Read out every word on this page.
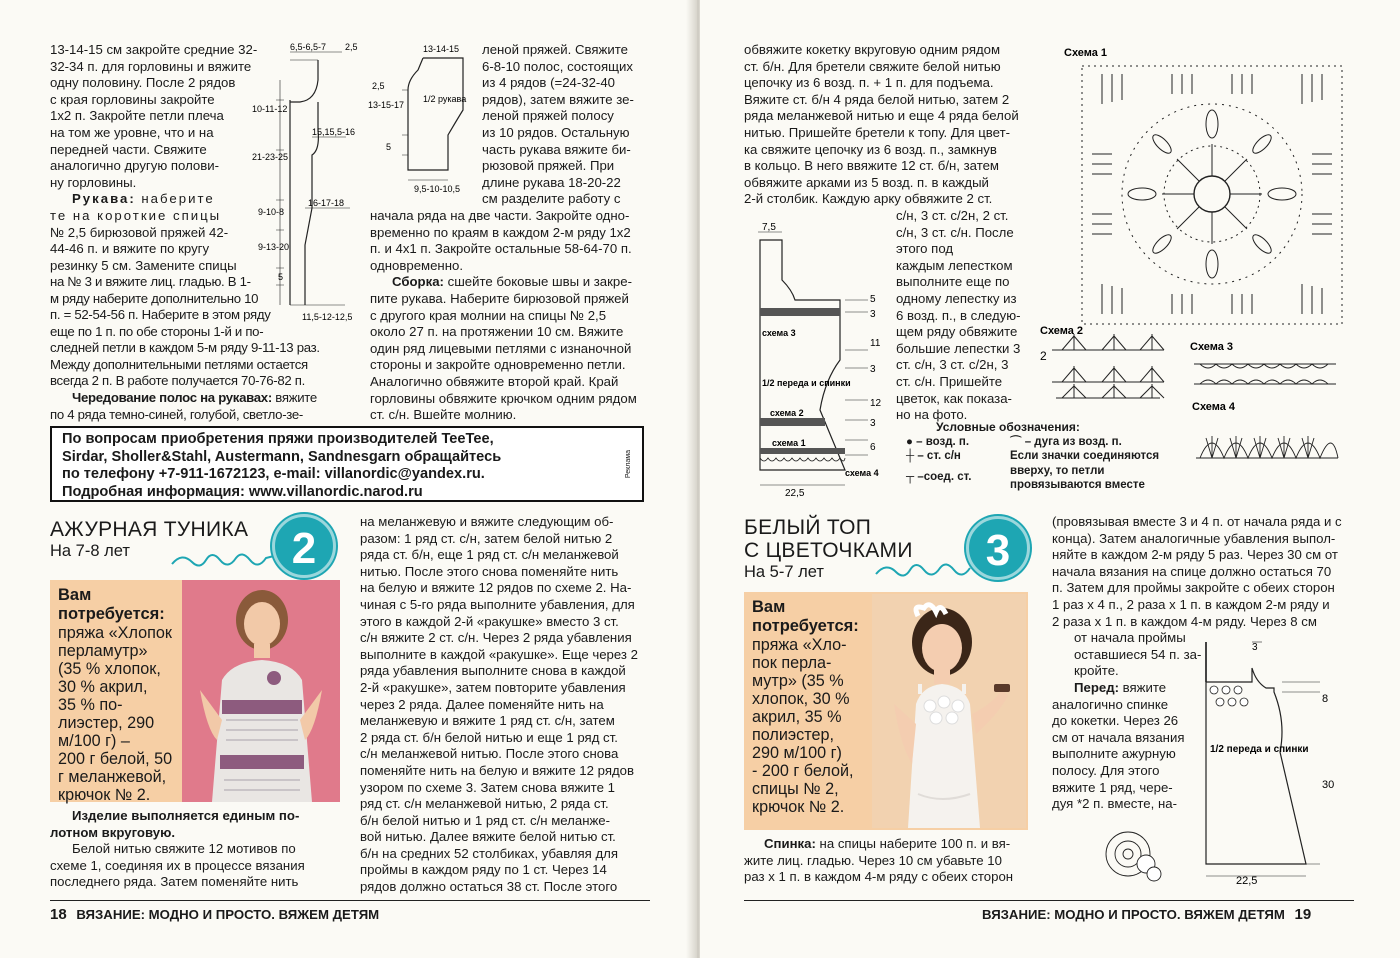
13-14-15 см закройте средние 32-

32-34 п. для горловины и вяжите

одну половину. После 2 рядов

с края горловины закройте

1х2 п. Закройте петли плеча

на том же уровне, что и на

передней части. Свяжите

аналогично другую полови-

ну горловины.

Рукава: наберите

те на короткие спицы

№ 2,5 бирюзовой пряжей 42-

44-46 п. и вяжите по кругу

резинку 5 см. Замените спицы

на № 3 и вяжите лиц. гладью. В 1-

м ряду наберите дополнительно 10

п. = 52-54-56 п. Наберите в этом ряду

еще по 1 п. по обе стороны 1-й и по-

следней петли в каждом 5-м ряду 9-11-13 раз.

Между дополнительными петлями остается

всегда 2 п. В работе получается 70-76-82 п.

Чередование полос на рукавах: вяжите

по 4 ряда темно-синей, голубой, светло-зе-

6,5-6,5-7 2,5
10-11-12
15,15,5-16
21-23-25
16-17-18
9-10-8
9-13-20
5
11,5-12-12,5
13-14-15
2,5
13-15-17
1/2 рукава
5
9,5-10-10,5

леной пряжей. Свяжите

6-8-10 полос, состоящих

из 4 рядов (=24-32-40

рядов), затем вяжите зе-

леной пряжей полосу

из 10 рядов. Остальную

часть рукава вяжите би-

рюзовой пряжей. При

длине рукава 18-20-22

см разделите работу с

начала ряда на две части. Закройте одно-

временно по краям в каждом 2-м ряду 1х2

п. и 4х1 п. Закройте остальные 58-64-70 п.

одновременно.

Сборка: сшейте боковые швы и закре-

пите рукава. Наберите бирюзовой пряжей

с другого края молнии на спицы № 2,5

около 27 п. на протяжении 10 см. Вяжите

один ряд лицевыми петлями с изнаночной

стороны и закройте одновременно петли.

Аналогично обвяжите второй край. Край

горловины обвяжите крючком одним рядом

ст. с/н. Вшейте молнию.

По вопросам приобретения пряжи производителей TeeTee,
Sirdar, Sholler&Stahl, Austermann, Sandnesgarn обращайтесь
по телефону +7-911-1672123, e-mail: villanordic@yandex.ru.
Подробная информация: www.villanordic.narod.ru
Реклама
АЖУРНАЯ ТУНИКА
На 7-8 лет	2
Вам потребуется:
пряжа «Хлопок
перламутр»
(35 % хлопок,
30 % акрил,
35 % по-
лиэстер, 290
м/100 г) –
200 г белой, 50
г меланжевой,
крючок № 2.

Изделие выполняется единым по-

лотном вкруговую.

Белой нитью свяжите 12 мотивов по

схеме 1, соединяя их в процессе вязания

последнего ряда. Затем поменяйте нить

на меланжевую и вяжите следующим об-

разом: 1 ряд ст. с/н, затем белой нитью 2

ряда ст. б/н, еще 1 ряд ст. с/н меланжевой

нитью. После этого снова поменяйте нить

на белую и вяжите 12 рядов по схеме 2. На-

чиная с 5-го ряда выполните убавления, для

этого в каждой 2-й «ракушке» вместо 3 ст.

с/н вяжите 2 ст. с/н. Через 2 ряда убавления

выполните в каждой «ракушке». Еще через 2

ряда убавления выполните снова в каждой

2-й «ракушке», затем повторите убавления

через 2 ряда. Далее поменяйте нить на

меланжевую и вяжите 1 ряд ст. с/н, затем

2 ряда ст. б/н белой нитью и еще 1 ряд ст.

с/н меланжевой нитью. После этого снова

поменяйте нить на белую и вяжите 12 рядов

узором по схеме 3. Затем снова вяжите 1

ряд ст. с/н меланжевой нитью, 2 ряда ст.

б/н белой нитью и 1 ряд ст. с/н меланже-

вой нитью. Далее вяжите белой нитью ст.

б/н на средних 52 столбиках, убавляя для

проймы в каждом ряду по 1 ст. Через 14

рядов должно остаться 38 ст. После этого

18 ВЯЗАНИЕ: МОДНО И ПРОСТО. ВЯЖЕМ ДЕТЯМ

обвяжите кокетку вкруговую одним рядом

ст. б/н. Для бретели свяжите белой нитью

цепочку из 6 возд. п. + 1 п. для подъема.

Вяжите ст. б/н 4 ряда белой нитью, затем 2

ряда меланжевой нитью и еще 4 ряда белой

нитью. Пришейте бретели к топу. Для цвет-

ка свяжите цепочку из 6 возд. п., замкнув

в кольцо. В него ввяжите 12 ст. б/н, затем

обвяжите арками из 5 возд. п. в каждый

2-й столбик. Каждую арку обвяжите 2 ст.

с/н, 3 ст. с/2н, 2 ст.

с/н, 3 ст. с/н. После этого под

каждым лепестком

выполните еще по

одному лепестку из

6 возд. п., в следую-

щем ряду обвяжите

большие лепестки 3

ст. с/н, 3 ст. с/2н, 3

ст. с/н. Пришейте

цветок, как показа-

но на фото.

7,5
5
3
схема 3
11
1/2 переда и спинки
схема 2
3
12
3
схема 1	6
схема 4
22,5
Схема 1
Схема 2
2
Схема 3
Схема 4
Условные обозначения:
● – возд. п.
┼ – ст. с/н
┬ –соед. ст.
⌒ – дуга из возд. п.
Если значки соединяются
вверху, то петли
провязываются вместе
БЕЛЫЙ ТОП
С ЦВЕТОЧКАМИ
На 5-7 лет	3
Вам потребуется:
пряжа «Хло-
пок перла-
мутр» (35 %
хлопок, 30 %
акрил, 35 %
полиэстер,
290 м/100 г)
- 200 г белой,
спицы № 2,
крючок № 2.

Спинка: на спицы наберите 100 п. и вя-

жите лиц. гладью. Через 10 см убавьте 10

раз х 1 п. в каждом 4-м ряду с обеих сторон

(провязывая вместе 3 и 4 п. от начала ряда и с

конца). Затем аналогичные убавления выпол-

няйте в каждом 2-м ряду 5 раз. Через 30 см от

начала вязания на спице должно остаться 70

п. Затем для проймы закройте с обеих сторон

1 раз х 4 п., 2 раза х 1 п. в каждом 2-м ряду и

2 раза х 1 п. в каждом 4-м ряду. Через 8 см

от начала проймы

оставшиеся 54 п. за-

кройте.

Перед: вяжите

аналогично спинке

до кокетки. Через 26

см от начала вязания

выполните ажурную

полосу. Для этого

вяжите 1 ряд, чере-

дуя *2 п. вместе, на-

3
8
1/2 переда и спинки
30
22,5
ВЯЗАНИЕ: МОДНО И ПРОСТО. ВЯЖЕМ ДЕТЯМ 19
